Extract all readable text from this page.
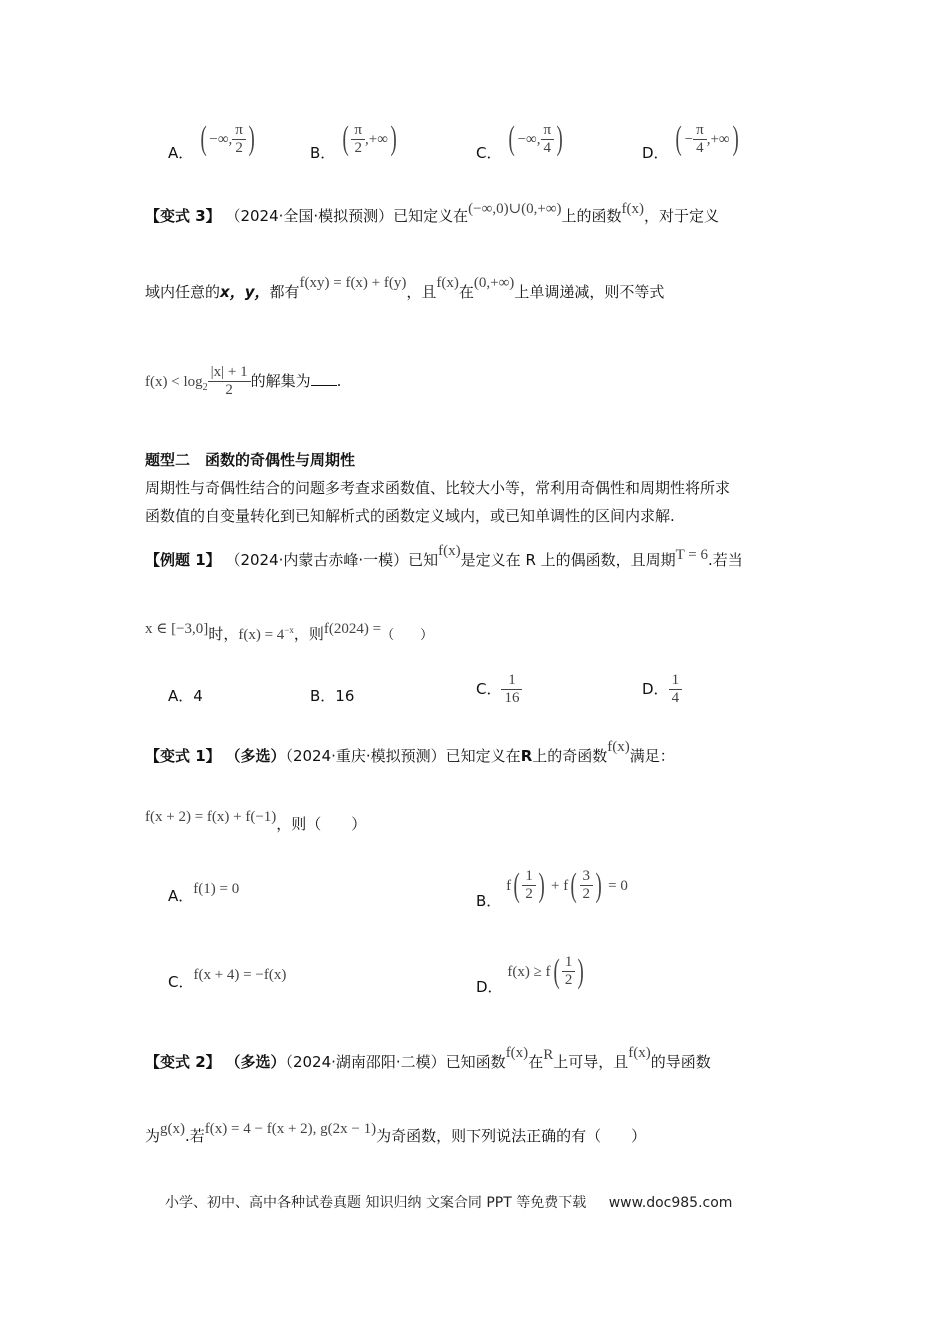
A． ( −∞, $\frac{\pi}{2}$ )	B． ( $\frac{\pi}{2}$ ,+∞)	C． ( −∞, $\frac{\pi}{4}$ )	D． ( − $\frac{\pi}{4}$ ,+∞)
【变式 3】 （2024·全国·模拟预测）已知定义在(−∞,0)∪(0,+∞)上的函数f(x)，对于定义
域内任意的x，y，都有f(xy) = f(x) + f(y)，且f(x)在(0,+∞)上单调递减，则不等式
$f(x) < \log_2 \frac{|x| + 1}{2}$ 的解集为 .
题型二　函数的奇偶性与周期性
周期性与奇偶性结合的问题多考查求函数值、比较大小等，常利用奇偶性和周期性将所求
函数值的自变量转化到已知解析式的函数定义域内，或已知单调性的区间内求解.
【例题 1】 （2024·内蒙古赤峰·一模）已知f(x)是定义在 R 上的偶函数，且周期T = 6.若当
x ∈ [−3,0]时，$f(x) = 4^{-x}$，则f(2024) =（　　）
A．4	B．16	C． $\frac{1}{16}$	D． $\frac{1}{4}$
【变式 1】 （多选）（2024·重庆·模拟预测）已知定义在R上的奇函数f(x)满足：
f(x + 2) = f(x) + f(−1)，则（　　）
A．f(1) = 0
B． $f( \frac{1}{2}$ ) + $f( \frac{3}{2}$ ) = 0
C．f(x + 4) = −f(x)
D． $f(x) \ge f( \frac{1}{2}$ )
【变式 2】 （多选）（2024·湖南邵阳·二模）已知函数f(x)在R上可导，且f(x)的导函数
为g(x).若f(x) = 4 − f(x + 2), g(2x − 1)为奇函数，则下列说法正确的有（　　）
小学、初中、高中各种试卷真题 知识归纳 文案合同 PPT 等免费下载 www.doc985.com
